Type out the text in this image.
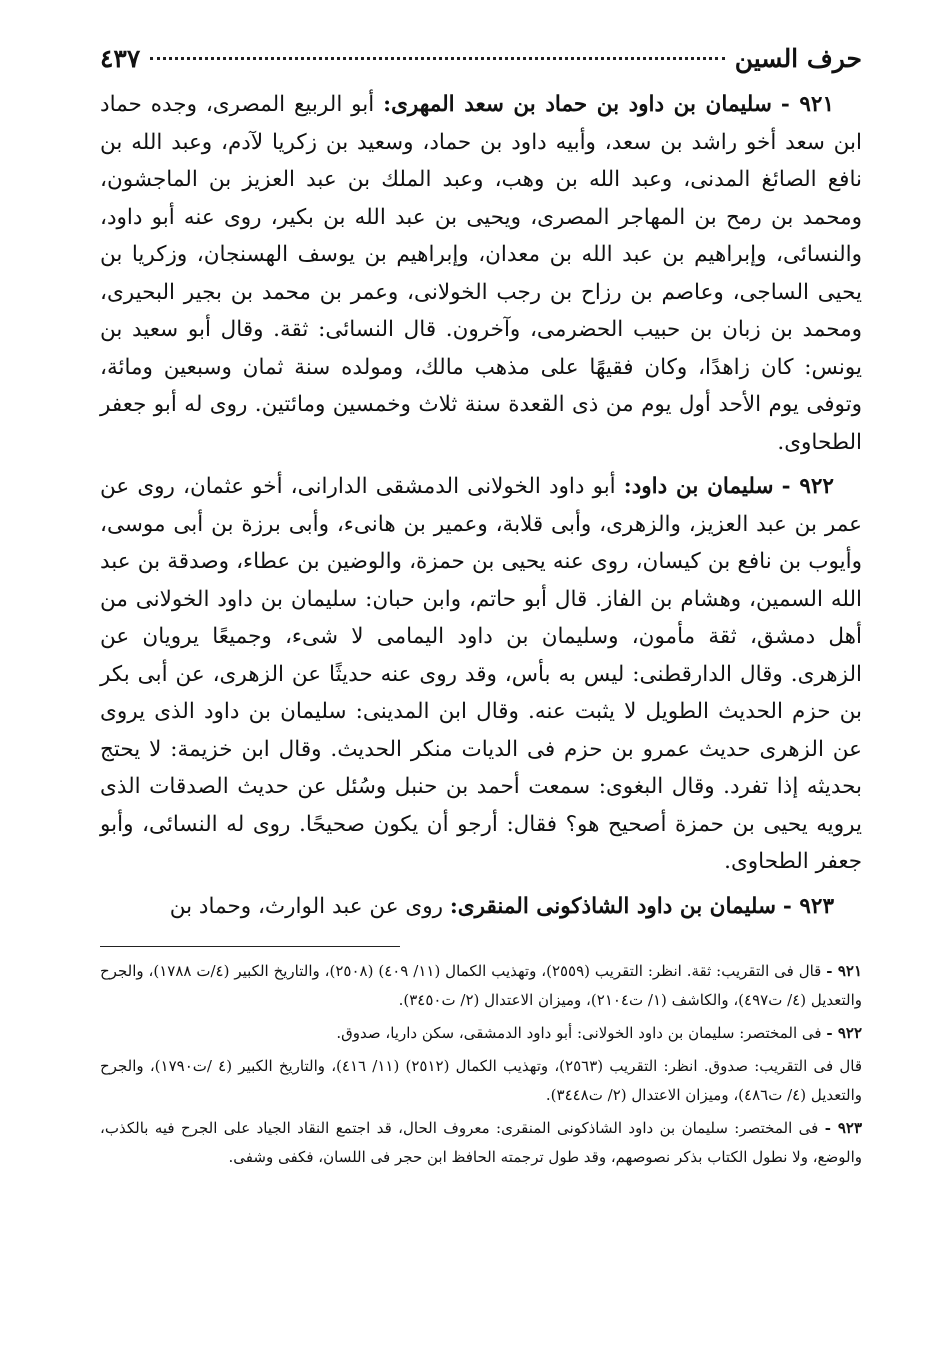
حرف السين
٤٣٧

٩٢١ - سليمان بن داود بن حماد بن سعد المهرى: أبو الربيع المصرى، وجده حماد ابن سعد أخو راشد بن سعد، وأبيه داود بن حماد، وسعيد بن زكريا لآدم، وعبد الله بن نافع الصائغ المدنى، وعبد الله بن وهب، وعبد الملك بن عبد العزيز بن الماجشون، ومحمد بن رمح بن المهاجر المصرى، ويحيى بن عبد الله بن بكير، روى عنه أبو داود، والنسائى، وإبراهيم بن عبد الله بن معدان، وإبراهيم بن يوسف الهسنجان، وزكريا بن يحيى الساجى، وعاصم بن رزاح بن رجب الخولانى، وعمر بن محمد بن بجير البحيرى، ومحمد بن زبان بن حبيب الحضرمى، وآخرون. قال النسائى: ثقة. وقال أبو سعيد بن يونس: كان زاهدًا، وكان فقيهًا على مذهب مالك، ومولده سنة ثمان وسبعين ومائة، وتوفى يوم الأحد أول يوم من ذى القعدة سنة ثلاث وخمسين ومائتين. روى له أبو جعفر الطحاوى.

٩٢٢ - سليمان بن داود: أبو داود الخولانى الدمشقى الدارانى، أخو عثمان، روى عن عمر بن عبد العزيز، والزهرى، وأبى قلابة، وعمير بن هانىء، وأبى برزة بن أبى موسى، وأيوب بن نافع بن كيسان، روى عنه يحيى بن حمزة، والوضين بن عطاء، وصدقة بن عبد الله السمين، وهشام بن الفاز. قال أبو حاتم، وابن حبان: سليمان بن داود الخولانى من أهل دمشق، ثقة مأمون، وسليمان بن داود اليمامى لا شىء، وجميعًا يرويان عن الزهرى. وقال الدارقطنى: ليس به بأس، وقد روى عنه حديثًا عن الزهرى، عن أبى بكر بن حزم الحديث الطويل لا يثبت عنه. وقال ابن المدينى: سليمان بن داود الذى يروى عن الزهرى حديث عمرو بن حزم فى الديات منكر الحديث. وقال ابن خزيمة: لا يحتج بحديثه إذا تفرد. وقال البغوى: سمعت أحمد بن حنبل وسُئل عن حديث الصدقات الذى يرويه يحيى بن حمزة أصحيح هو؟ فقال: أرجو أن يكون صحيحًا. روى له النسائى، وأبو جعفر الطحاوى.

٩٢٣ - سليمان بن داود الشاذكونى المنقرى: روى عن عبد الوارث، وحماد بن

٩٢١ - قال فى التقريب: ثقة. انظر: التقريب (٢٥٥٩)، وتهذيب الكمال (١١/ ٤٠٩) (٢٥٠٨)، والتاريخ الكبير (٤/ت ١٧٨٨)، والجرح والتعديل (٤/ ت٤٩٧)، والكاشف (١/ ت٢١٠٤)، وميزان الاعتدال (٢/ ت٣٤٥٠).

٩٢٢ - فى المختصر: سليمان بن داود الخولانى: أبو داود الدمشقى، سكن داريا، صدوق.

قال فى التقريب: صدوق. انظر: التقريب (٢٥٦٣)، وتهذيب الكمال (٢٥١٢) (١١/ ٤١٦)، والتاريخ الكبير (٤ /ت١٧٩٠)، والجرح والتعديل (٤/ ت٤٨٦)، وميزان الاعتدال (٢/ ت٣٤٤٨).

٩٢٣ - فى المختصر: سليمان بن داود الشاذكونى المنقرى: معروف الحال، قد اجتمع النقاد الجياد على الجرح فيه بالكذب، والوضع، ولا نطول الكتاب بذكر نصوصهم، وقد طول ترجمته الحافظ ابن حجر فى اللسان، فكفى وشفى.
